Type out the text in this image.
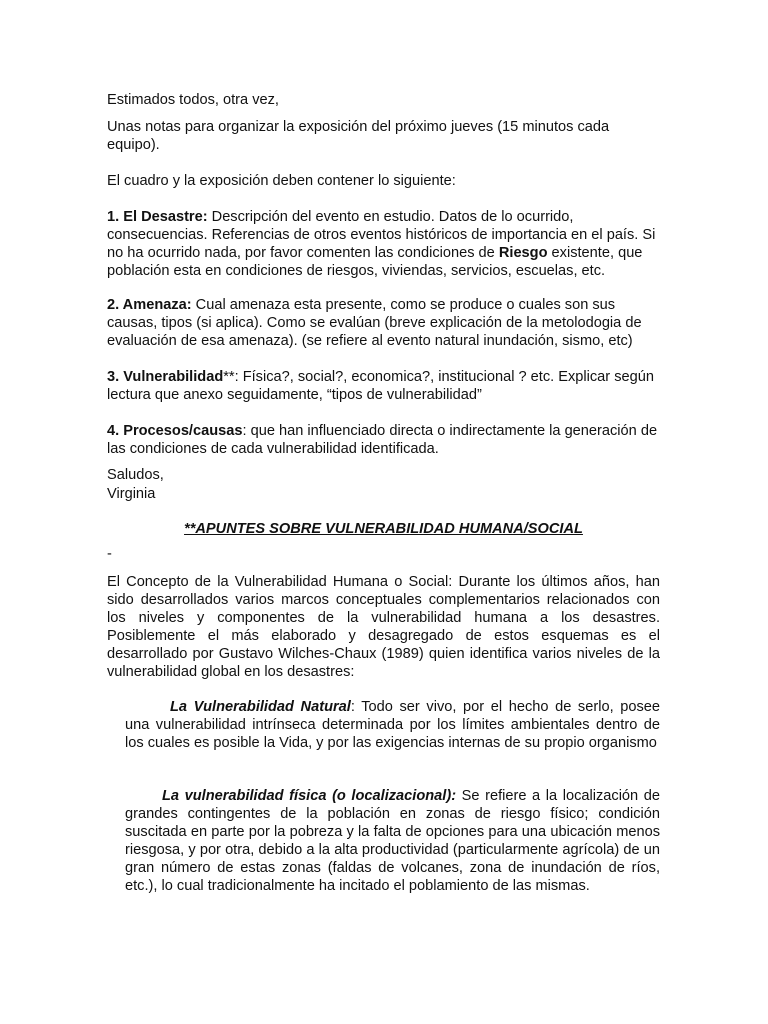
Estimados todos, otra vez,

Unas notas para organizar la exposición del próximo jueves (15 minutos cada equipo).

El cuadro y la exposición deben contener lo siguiente:

1. El Desastre: Descripción del evento en estudio. Datos de lo ocurrido, consecuencias. Referencias de otros eventos históricos de importancia en el país. Si no ha ocurrido nada, por favor comenten las condiciones de Riesgo existente, que población esta en condiciones de riesgos, viviendas, servicios, escuelas, etc.

2. Amenaza: Cual amenaza esta presente, como se produce o cuales son sus causas, tipos (si aplica). Como se evalúan (breve explicación de la metolodogia de evaluación de esa amenaza). (se refiere al evento natural inundación, sismo, etc)

3. Vulnerabilidad**: Física?, social?, economica?, institucional ? etc. Explicar según lectura que anexo seguidamente, “tipos de vulnerabilidad”

4. Procesos/causas: que han influenciado directa o indirectamente la generación de las condiciones de cada vulnerabilidad identificada.

Saludos,

Virginia

**APUNTES SOBRE VULNERABILIDAD HUMANA/SOCIAL

-

El Concepto de la Vulnerabilidad Humana o Social: Durante los últimos años, han sido desarrollados varios marcos conceptuales complementarios relacionados con los niveles y componentes de la vulnerabilidad humana a los desastres. Posiblemente el más elaborado y desagregado de estos esquemas es el desarrollado por Gustavo Wilches-Chaux (1989) quien identifica varios niveles de la vulnerabilidad global en los desastres:

La Vulnerabilidad Natural: Todo ser vivo, por el hecho de serlo, posee una vulnerabilidad intrínseca determinada por los límites ambientales dentro de los cuales es posible la Vida, y por las exigencias internas de su propio organismo

La vulnerabilidad física (o localizacional): Se refiere a la localización de grandes contingentes de la población en zonas de riesgo físico; condición suscitada en parte por la pobreza y la falta de opciones para una ubicación menos riesgosa, y por otra, debido a la alta productividad (particularmente agrícola) de un gran número de estas zonas (faldas de volcanes, zona de inundación de ríos, etc.), lo cual tradicionalmente ha incitado el poblamiento de las mismas.
